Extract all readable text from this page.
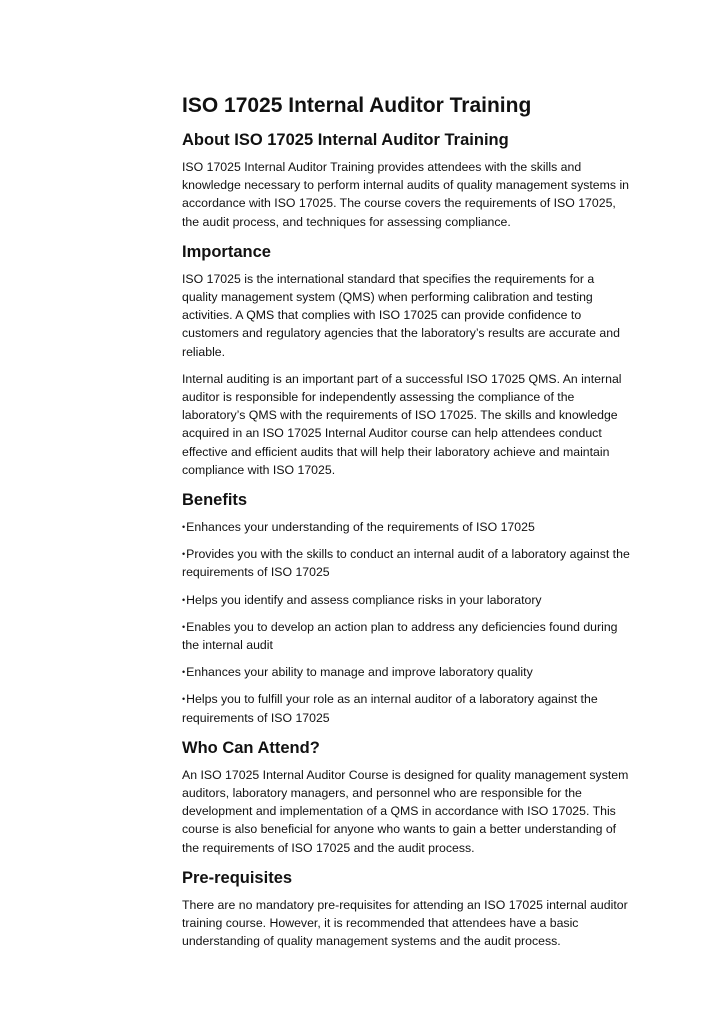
ISO 17025 Internal Auditor Training
About ISO 17025 Internal Auditor Training

ISO 17025 Internal Auditor Training provides attendees with the skills and knowledge necessary to perform internal audits of quality management systems in accordance with ISO 17025. The course covers the requirements of ISO 17025, the audit process, and techniques for assessing compliance.

Importance

ISO 17025 is the international standard that specifies the requirements for a quality management system (QMS) when performing calibration and testing activities. A QMS that complies with ISO 17025 can provide confidence to customers and regulatory agencies that the laboratory’s results are accurate and reliable.

Internal auditing is an important part of a successful ISO 17025 QMS. An internal auditor is responsible for independently assessing the compliance of the laboratory’s QMS with the requirements of ISO 17025. The skills and knowledge acquired in an ISO 17025 Internal Auditor course can help attendees conduct effective and efficient audits that will help their laboratory achieve and maintain compliance with ISO 17025.

Benefits
•Enhances your understanding of the requirements of ISO 17025
•Provides you with the skills to conduct an internal audit of a laboratory against the requirements of ISO 17025
•Helps you identify and assess compliance risks in your laboratory
•Enables you to develop an action plan to address any deficiencies found during the internal audit
•Enhances your ability to manage and improve laboratory quality
•Helps you to fulfill your role as an internal auditor of a laboratory against the requirements of ISO 17025
Who Can Attend?

An ISO 17025 Internal Auditor Course is designed for quality management system auditors, laboratory managers, and personnel who are responsible for the development and implementation of a QMS in accordance with ISO 17025. This course is also beneficial for anyone who wants to gain a better understanding of the requirements of ISO 17025 and the audit process.

Pre-requisites

There are no mandatory pre-requisites for attending an ISO 17025 internal auditor training course. However, it is recommended that attendees have a basic understanding of quality management systems and the audit process.
